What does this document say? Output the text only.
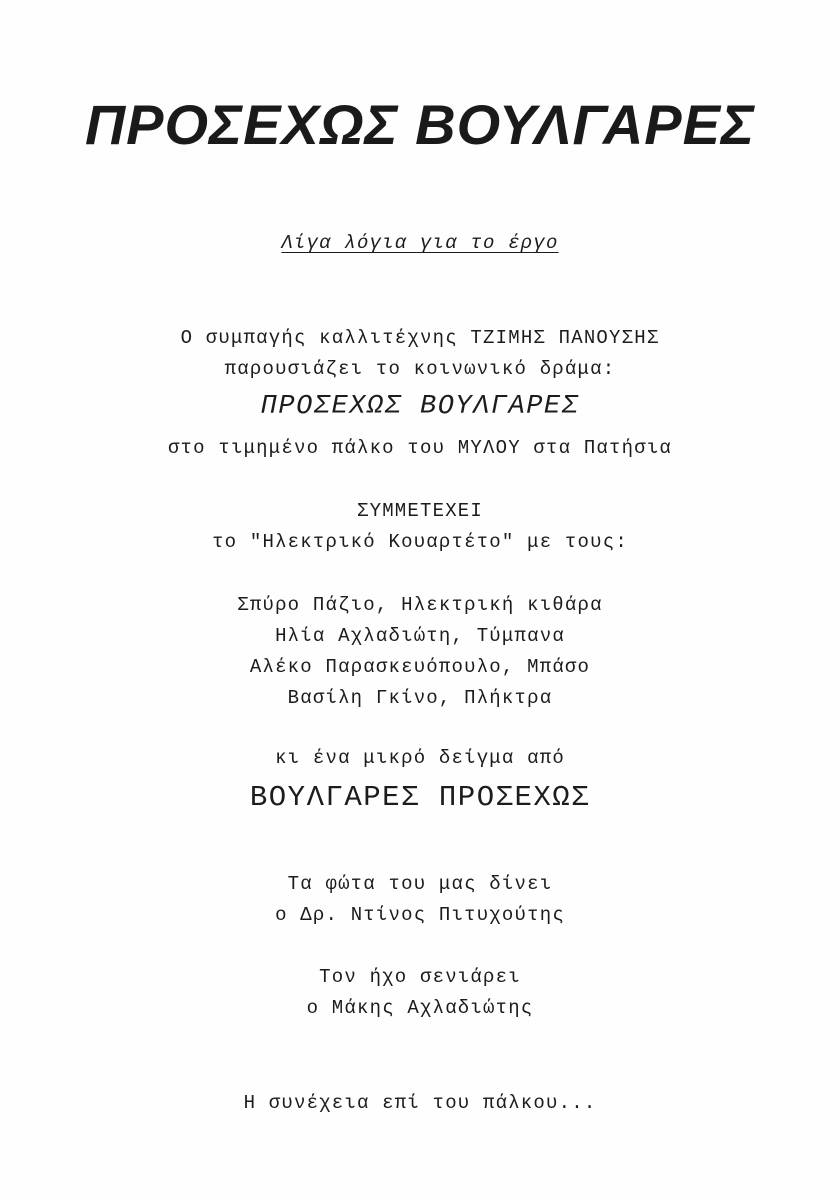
ΠΡΟΣΕΧΩΣ ΒΟΥΛΓΑΡΕΣ
Λίγα λόγια για το έργο
Ο συμπαγής καλλιτέχνης ΤΖΙΜΗΣ ΠΑΝΟΥΣΗΣ
παρουσιάζει το κοινωνικό δράμα:
ΠΡΟΣΕΧΩΣ ΒΟΥΛΓΑΡΕΣ
στο τιμημένο πάλκο του ΜΥΛΟΥ στα Πατήσια
ΣΥΜΜΕΤΕΧΕΙ
το "Ηλεκτρικό Κουαρτέτο" με τους:
Σπύρο Πάζιο, Ηλεκτρική κιθάρα
Ηλία Αχλαδιώτη, Τύμπανα
Αλέκο Παρασκευόπουλο, Μπάσο
Βασίλη Γκίνο, Πλήκτρα
κι ένα μικρό δείγμα από
ΒΟΥΛΓΑΡΕΣ ΠΡΟΣΕΧΩΣ
Τα φώτα του μας δίνει
ο Δρ. Ντίνος Πιτυχούτης
Τον ήχο σενιάρει
ο Μάκης Αχλαδιώτης
Η συνέχεια επί του πάλκου...
